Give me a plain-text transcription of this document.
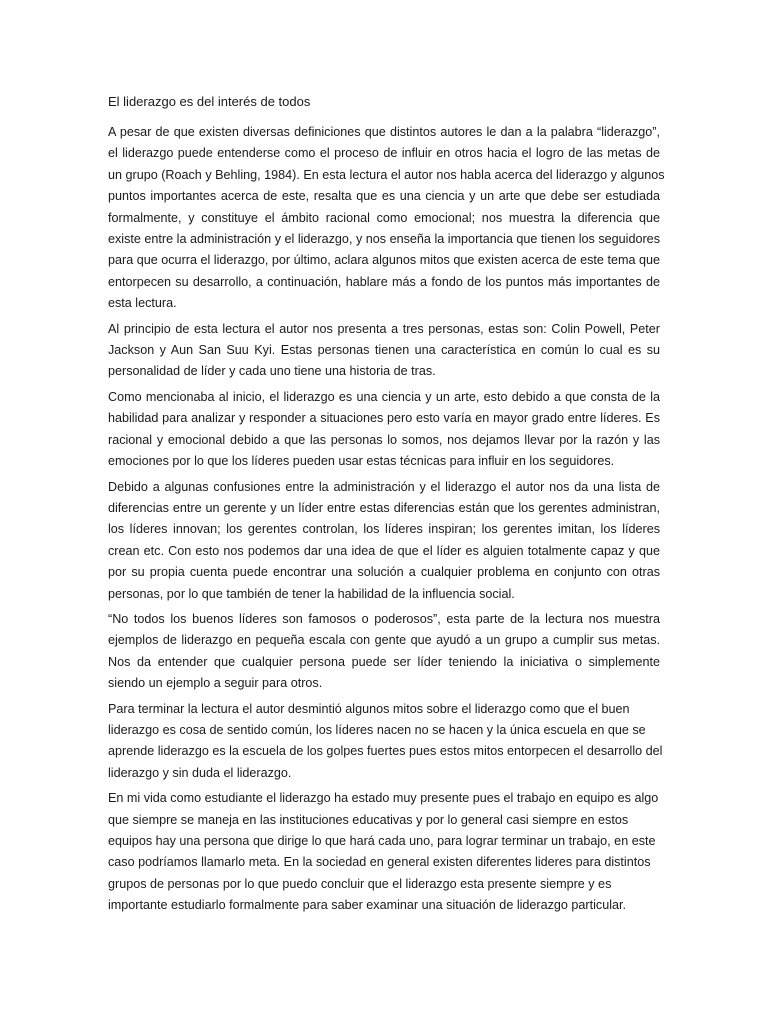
El liderazgo es del interés de todos
A pesar de que existen diversas definiciones que distintos autores le dan a la palabra “liderazgo”,
el liderazgo puede entenderse como el proceso de influir en otros hacia el logro de las metas de
un grupo (Roach y Behling, 1984). En esta lectura el autor nos habla acerca del liderazgo y algunos
puntos importantes acerca de este, resalta que es una ciencia y un arte que debe ser estudiada
formalmente, y constituye el ámbito racional como emocional; nos muestra la diferencia que
existe entre la administración y el liderazgo, y nos enseña la importancia que tienen los seguidores
para que ocurra el liderazgo, por último, aclara algunos mitos que existen acerca de este tema que
entorpecen su desarrollo, a continuación, hablare más a fondo de los puntos más importantes de
esta lectura.
Al principio de esta lectura el autor nos presenta a tres personas, estas son: Colin Powell, Peter
Jackson y Aun San Suu Kyi. Estas personas tienen una característica en común lo cual es su
personalidad de líder y cada uno tiene una historia de tras.
Como mencionaba al inicio, el liderazgo es una ciencia y un arte, esto debido a que consta de la
habilidad para analizar y responder a situaciones pero esto varía en mayor grado entre líderes. Es
racional y emocional debido a que las personas lo somos, nos dejamos llevar por la razón y las
emociones por lo que los líderes pueden usar estas técnicas para influir en los seguidores.
Debido a algunas confusiones entre la administración y el liderazgo el autor nos da una lista de
diferencias entre un gerente y un líder entre estas diferencias están que los gerentes administran,
los líderes innovan; los gerentes controlan, los líderes inspiran; los gerentes imitan, los líderes
crean etc. Con esto nos podemos dar una idea de que el líder es alguien totalmente capaz y que
por su propia cuenta puede encontrar una solución a cualquier problema en conjunto con otras
personas, por lo que también de tener la habilidad de la influencia social.
“No todos los buenos líderes son famosos o poderosos”, esta parte de la lectura nos muestra
ejemplos de liderazgo en pequeña escala con gente que ayudó a un grupo a cumplir sus metas.
Nos da entender que cualquier persona puede ser líder teniendo la iniciativa o simplemente
siendo un ejemplo a seguir para otros.
Para terminar la lectura el autor desmintió algunos mitos sobre el liderazgo como que el buen
liderazgo es cosa de sentido común, los líderes nacen no se hacen y la única escuela en que se
aprende liderazgo es la escuela de los golpes fuertes pues estos mitos entorpecen el desarrollo del
liderazgo y sin duda el liderazgo.
En mi vida como estudiante el liderazgo ha estado muy presente pues el trabajo en equipo es algo
que siempre se maneja en las instituciones educativas y por lo general casi siempre en estos
equipos hay una persona que dirige lo que hará cada uno, para lograr terminar un trabajo, en este
caso podríamos llamarlo meta. En la sociedad en general existen diferentes lideres para distintos
grupos de personas por lo que puedo concluir que el liderazgo esta presente siempre y es
importante estudiarlo formalmente para saber examinar una situación de liderazgo particular.
